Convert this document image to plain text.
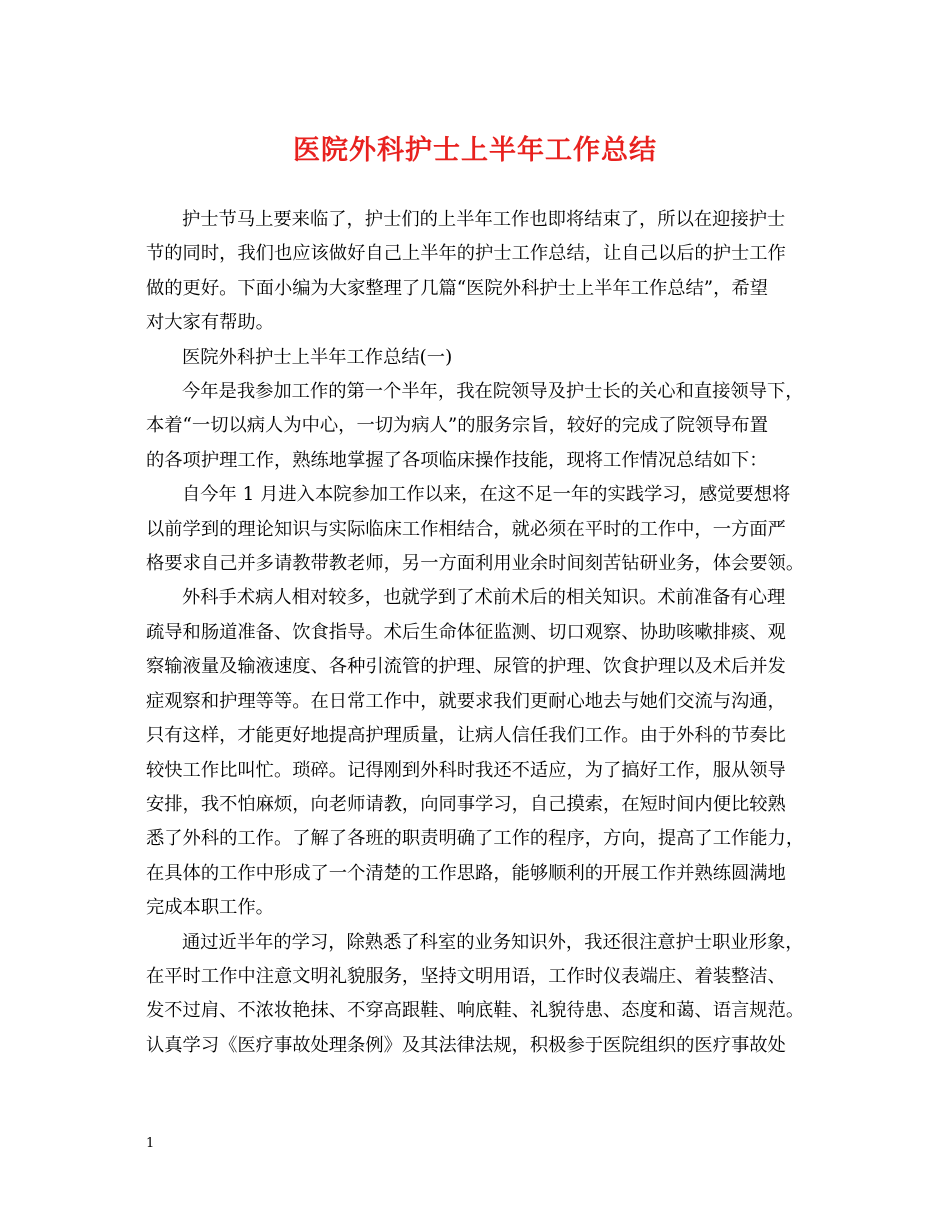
医院外科护士上半年工作总结

护士节马上要来临了，护士们的上半年工作也即将结束了，所以在迎接护士
节的同时，我们也应该做好自己上半年的护士工作总结，让自己以后的护士工作
做的更好。下面小编为大家整理了几篇“医院外科护士上半年工作总结”，希望
对大家有帮助。

医院外科护士上半年工作总结(一)

今年是我参加工作的第一个半年，我在院领导及护士长的关心和直接领导下，
本着“一切以病人为中心，一切为病人”的服务宗旨，较好的完成了院领导布置
的各项护理工作，熟练地掌握了各项临床操作技能，现将工作情况总结如下：

自今年 1 月进入本院参加工作以来，在这不足一年的实践学习，感觉要想将
以前学到的理论知识与实际临床工作相结合，就必须在平时的工作中，一方面严
格要求自己并多请教带教老师，另一方面利用业余时间刻苦钻研业务，体会要领。

外科手术病人相对较多，也就学到了术前术后的相关知识。术前准备有心理
疏导和肠道准备、饮食指导。术后生命体征监测、切口观察、协助咳嗽排痰、观
察输液量及输液速度、各种引流管的护理、尿管的护理、饮食护理以及术后并发
症观察和护理等等。在日常工作中，就要求我们更耐心地去与她们交流与沟通，
只有这样，才能更好地提高护理质量，让病人信任我们工作。由于外科的节奏比
较快工作比叫忙。琐碎。记得刚到外科时我还不适应，为了搞好工作，服从领导
安排，我不怕麻烦，向老师请教，向同事学习，自己摸索，在短时间内便比较熟
悉了外科的工作。了解了各班的职责明确了工作的程序，方向，提高了工作能力，
在具体的工作中形成了一个清楚的工作思路，能够顺利的开展工作并熟练圆满地
完成本职工作。

通过近半年的学习，除熟悉了科室的业务知识外，我还很注意护士职业形象，
在平时工作中注意文明礼貌服务，坚持文明用语，工作时仪表端庄、着装整洁、
发不过肩、不浓妆艳抹、不穿高跟鞋、响底鞋、礼貌待患、态度和蔼、语言规范。
认真学习《医疗事故处理条例》及其法律法规，积极参于医院组织的医疗事故处

1
